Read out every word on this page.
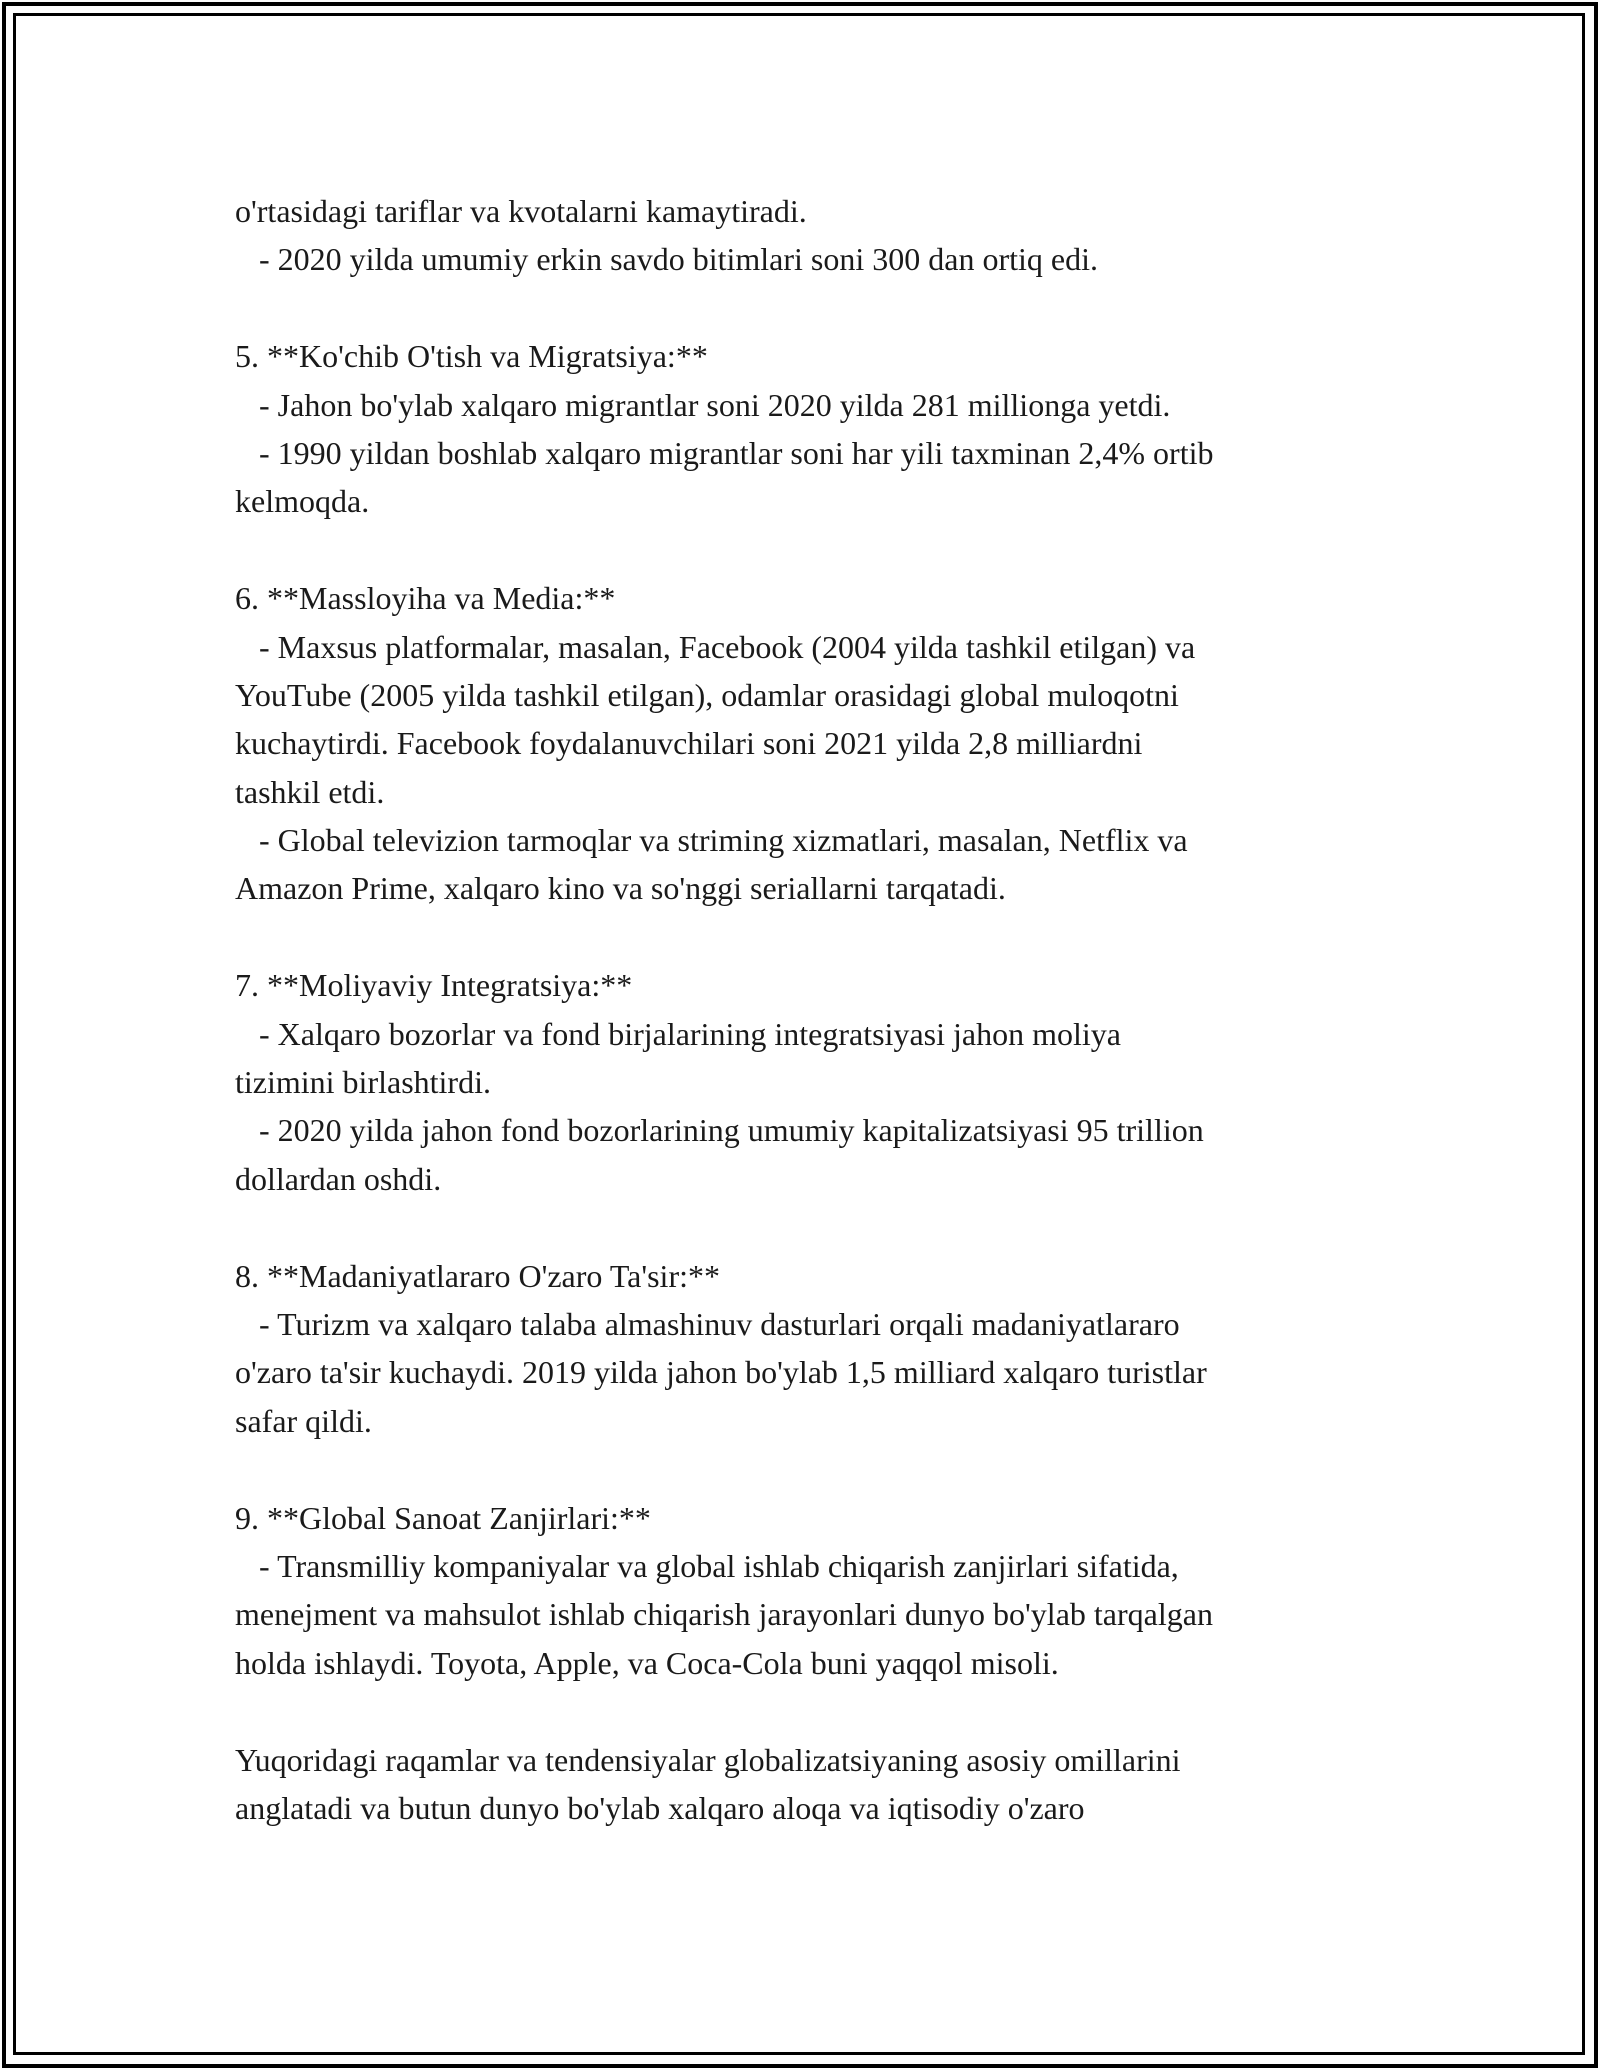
o'rtasidagi tariflar va kvotalarni kamaytiradi.
- 2020 yilda umumiy erkin savdo bitimlari soni 300 dan ortiq edi.
5. **Ko'chib O'tish va Migratsiya:**
- Jahon bo'ylab xalqaro migrantlar soni 2020 yilda 281 millionga yetdi.
- 1990 yildan boshlab xalqaro migrantlar soni har yili taxminan 2,4% ortib
kelmoqda.
6. **Massloyiha va Media:**
- Maxsus platformalar, masalan, Facebook (2004 yilda tashkil etilgan) va
YouTube (2005 yilda tashkil etilgan), odamlar orasidagi global muloqotni
kuchaytirdi. Facebook foydalanuvchilari soni 2021 yilda 2,8 milliardni
tashkil etdi.
- Global televizion tarmoqlar va striming xizmatlari, masalan, Netflix va
Amazon Prime, xalqaro kino va so'nggi seriallarni tarqatadi.
7. **Moliyaviy Integratsiya:**
- Xalqaro bozorlar va fond birjalarining integratsiyasi jahon moliya
tizimini birlashtirdi.
- 2020 yilda jahon fond bozorlarining umumiy kapitalizatsiyasi 95 trillion
dollardan oshdi.
8. **Madaniyatlararo O'zaro Ta'sir:**
- Turizm va xalqaro talaba almashinuv dasturlari orqali madaniyatlararo
o'zaro ta'sir kuchaydi. 2019 yilda jahon bo'ylab 1,5 milliard xalqaro turistlar
safar qildi.
9. **Global Sanoat Zanjirlari:**
- Transmilliy kompaniyalar va global ishlab chiqarish zanjirlari sifatida,
menejment va mahsulot ishlab chiqarish jarayonlari dunyo bo'ylab tarqalgan
holda ishlaydi. Toyota, Apple, va Coca-Cola buni yaqqol misoli.
Yuqoridagi raqamlar va tendensiyalar globalizatsiyaning asosiy omillarini
anglatadi va butun dunyo bo'ylab xalqaro aloqa va iqtisodiy o'zaro
